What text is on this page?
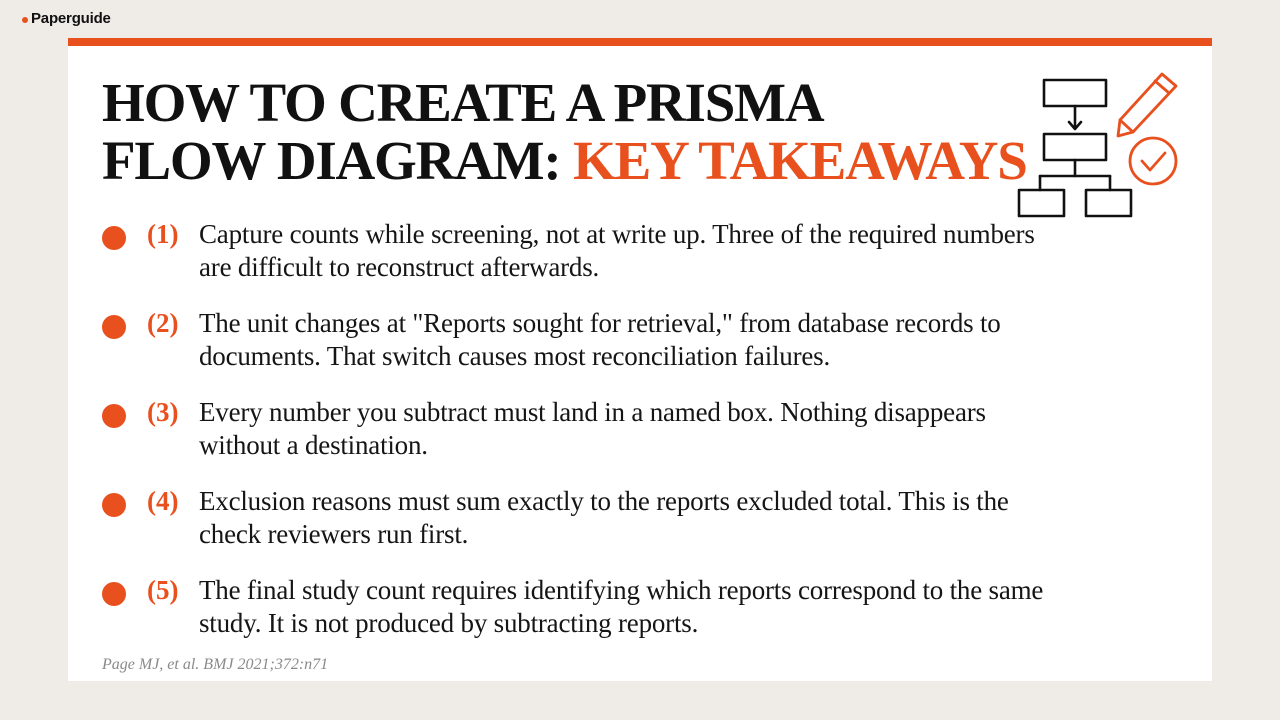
Paperguide
HOW TO CREATE A PRISMA
FLOW DIAGRAM: KEY TAKEAWAYS
(1) Capture counts while screening, not at write up. Three of the required numbers are difficult to reconstruct afterwards.

(2) The unit changes at "Reports sought for retrieval," from database records to documents. That switch causes most reconciliation failures.

(3) Every number you subtract must land in a named box. Nothing disappears without a destination.

(4) Exclusion reasons must sum exactly to the reports excluded total. This is the check reviewers run first.

(5) The final study count requires identifying which reports correspond to the same study. It is not produced by subtracting reports.

Page MJ, et al. BMJ 2021;372:n71
